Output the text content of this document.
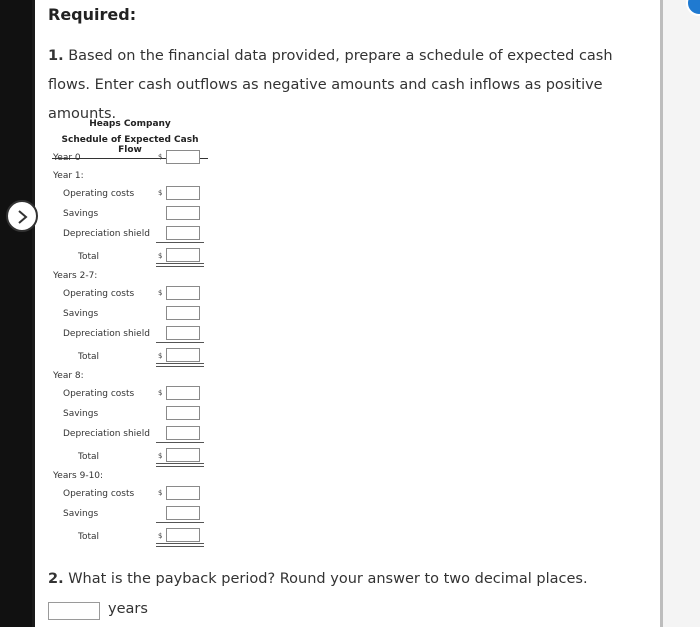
Required:
1. Based on the financial data provided, prepare a schedule of expected cash flows. Enter cash outflows as negative amounts and cash inflows as positive amounts.
Heaps Company
Schedule of Expected Cash Flow
Year 0	$
Year 1:
Operating costs	$
Savings
Depreciation shield
Total	$
Years 2-7:
Operating costs	$
Savings
Depreciation shield
Total	$
Year 8:
Operating costs	$
Savings
Depreciation shield
Total	$
Years 9-10:
Operating costs	$
Savings
Total	$
2. What is the payback period? Round your answer to two decimal places.
years
